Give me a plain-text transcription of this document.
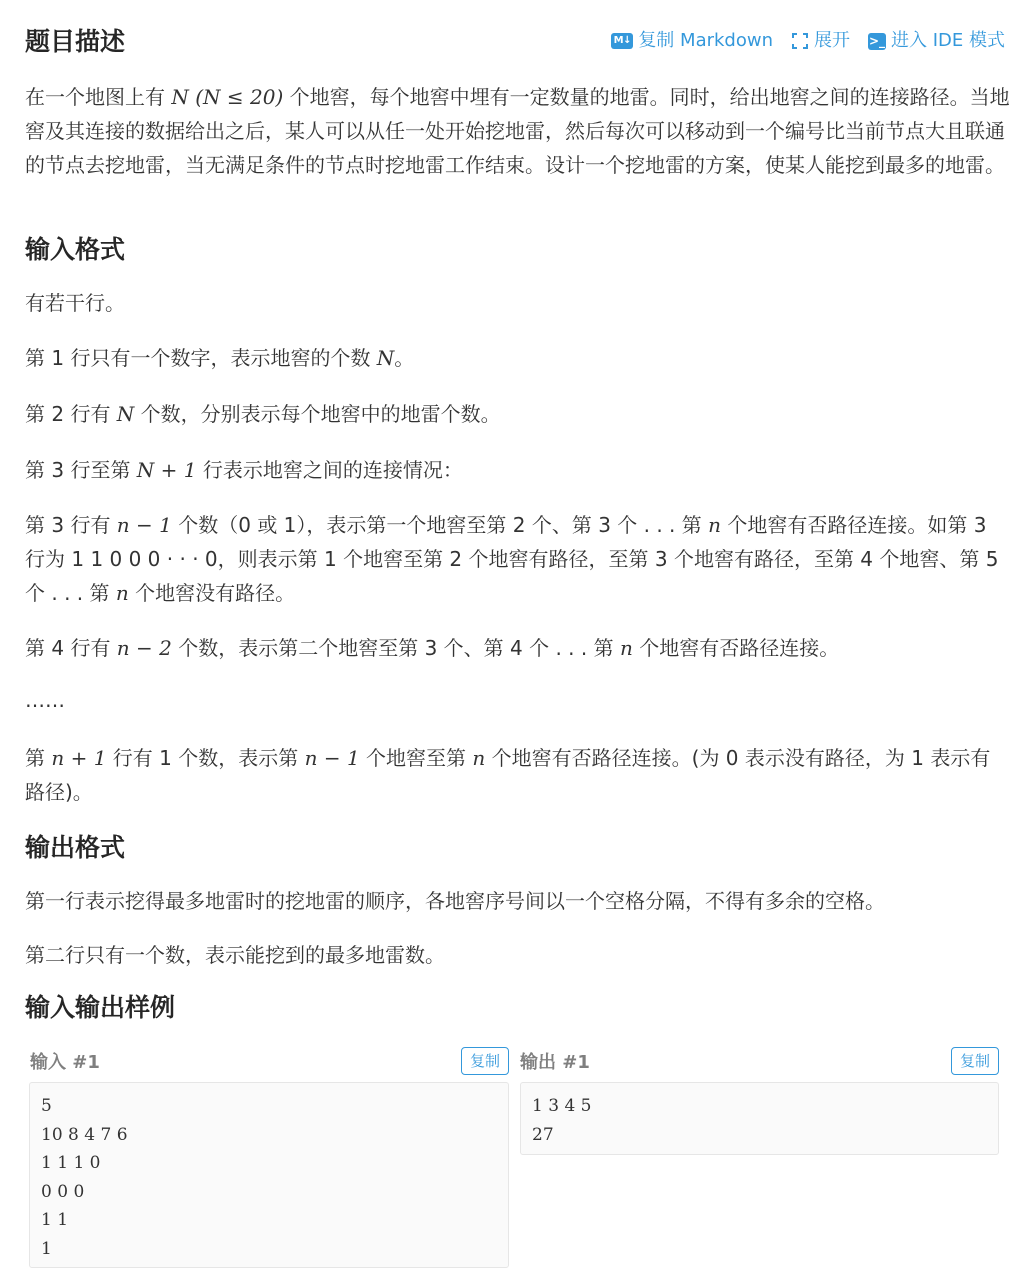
题目描述	M↓ 复制 Markdown 展开 >_ 进入 IDE 模式

在一个地图上有 N (N ≤ 20) 个地窖，每个地窖中埋有一定数量的地雷。同时，给出地窖之间的连接路径。当地窖及其连接的数据给出之后，某人可以从任一处开始挖地雷，然后每次可以移动到一个编号比当前节点大且联通的节点去挖地雷，当无满足条件的节点时挖地雷工作结束。设计一个挖地雷的方案，使某人能挖到最多的地雷。

输入格式

有若干行。

第 1 行只有一个数字，表示地窖的个数 N。

第 2 行有 N 个数，分别表示每个地窖中的地雷个数。

第 3 行至第 N + 1 行表示地窖之间的连接情况：

第 3 行有 n − 1 个数（0 或 1），表示第一个地窖至第 2 个、第 3 个 . . . 第 n 个地窖有否路径连接。如第 3 行为 1 1 0 0 0 · · · 0，则表示第 1 个地窖至第 2 个地窖有路径，至第 3 个地窖有路径，至第 4 个地窖、第 5 个 . . . 第 n 个地窖没有路径。

第 4 行有 n − 2 个数，表示第二个地窖至第 3 个、第 4 个 . . . 第 n 个地窖有否路径连接。

……

第 n + 1 行有 1 个数，表示第 n − 1 个地窖至第 n 个地窖有否路径连接。(为 0 表示没有路径，为 1 表示有路径)。

输出格式

第一行表示挖得最多地雷时的挖地雷的顺序，各地窖序号间以一个空格分隔，不得有多余的空格。

第二行只有一个数，表示能挖到的最多地雷数。

输入输出样例
输入 #1	复制
5
10 8 4 7 6
1 1 1 0
0 0 0
1 1
1
输出 #1	复制
1 3 4 5
27
